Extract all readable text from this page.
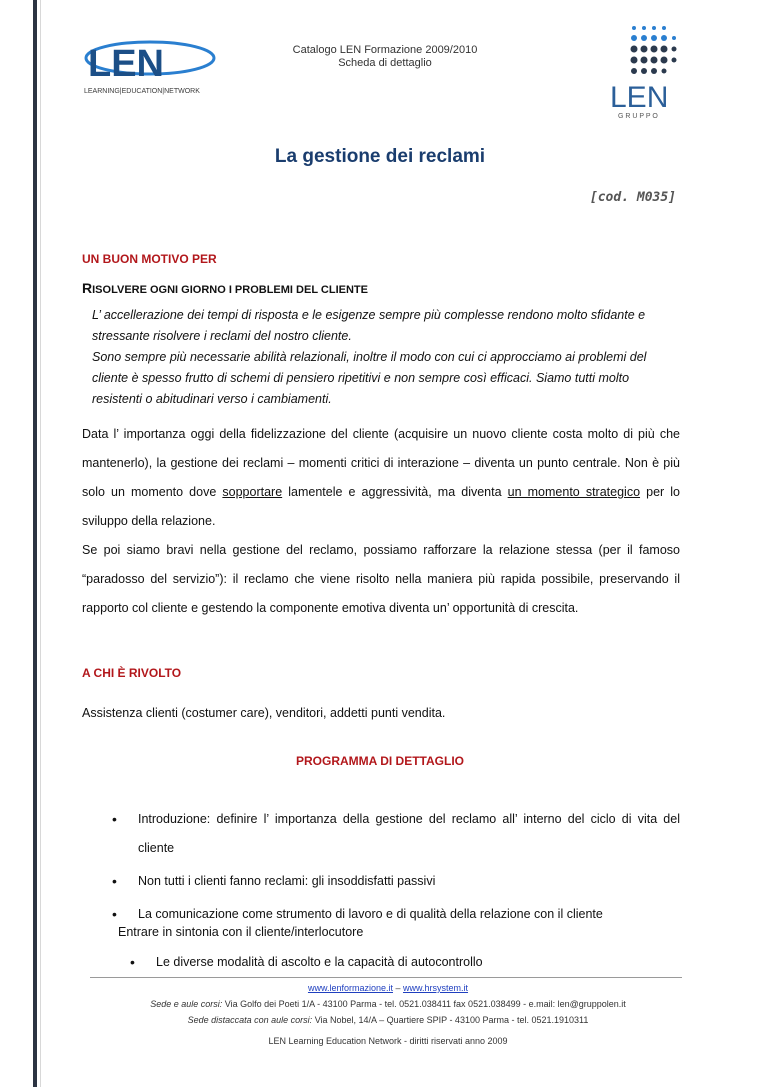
LEN
LEARNING|EDUCATION|NETWORK
Catalogo LEN Formazione 2009/2010
Scheda di dettaglio
LEN
G R U P P O
La gestione dei reclami
[cod. M035]
UN BUON MOTIVO PER
RISOLVERE OGNI GIORNO I PROBLEMI DEL CLIENTE

L’ accellerazione dei tempi di risposta e le esigenze sempre più complesse rendono molto sfidante e

stressante risolvere i reclami del nostro cliente.

Sono sempre più necessarie abilità relazionali, inoltre il modo con cui ci approcciamo ai problemi del

cliente è spesso frutto di schemi di pensiero ripetitivi e non sempre così efficaci. Siamo tutti molto

resistenti o abitudinari verso i cambiamenti.

Data l’ importanza oggi della fidelizzazione del cliente (acquisire un nuovo cliente costa molto di più che mantenerlo), la gestione dei reclami – momenti critici di interazione – diventa un punto centrale. Non è più solo un momento dove sopportare lamentele e aggressività, ma diventa un momento strategico per lo sviluppo della relazione.

Se poi siamo bravi nella gestione del reclamo, possiamo rafforzare la relazione stessa (per il famoso “paradosso del servizio”): il reclamo che viene risolto nella maniera più rapida possibile, preservando il rapporto col cliente e gestendo la componente emotiva diventa un’ opportunità di crescita.

A CHI È RIVOLTO
Assistenza clienti (costumer care), venditori, addetti punti vendita.
PROGRAMMA DI DETTAGLIO
• Introduzione: definire l’ importanza della gestione del reclamo all’ interno del ciclo di vita del cliente
• Non tutti i clienti fanno reclami: gli insoddisfatti passivi
• La comunicazione come strumento di lavoro e di qualità della relazione con il cliente
Entrare in sintonia con il cliente/interlocutore
• Le diverse modalità di ascolto e la capacità di autocontrollo
www.lenformazione.it – www.hrsystem.it
Sede e aule corsi: Via Golfo dei Poeti 1/A - 43100 Parma - tel. 0521.038411 fax 0521.038499 - e.mail: len@gruppolen.it
Sede distaccata con aule corsi: Via Nobel, 14/A – Quartiere SPIP - 43100 Parma - tel. 0521.1910311
LEN Learning Education Network - diritti riservati anno 2009
